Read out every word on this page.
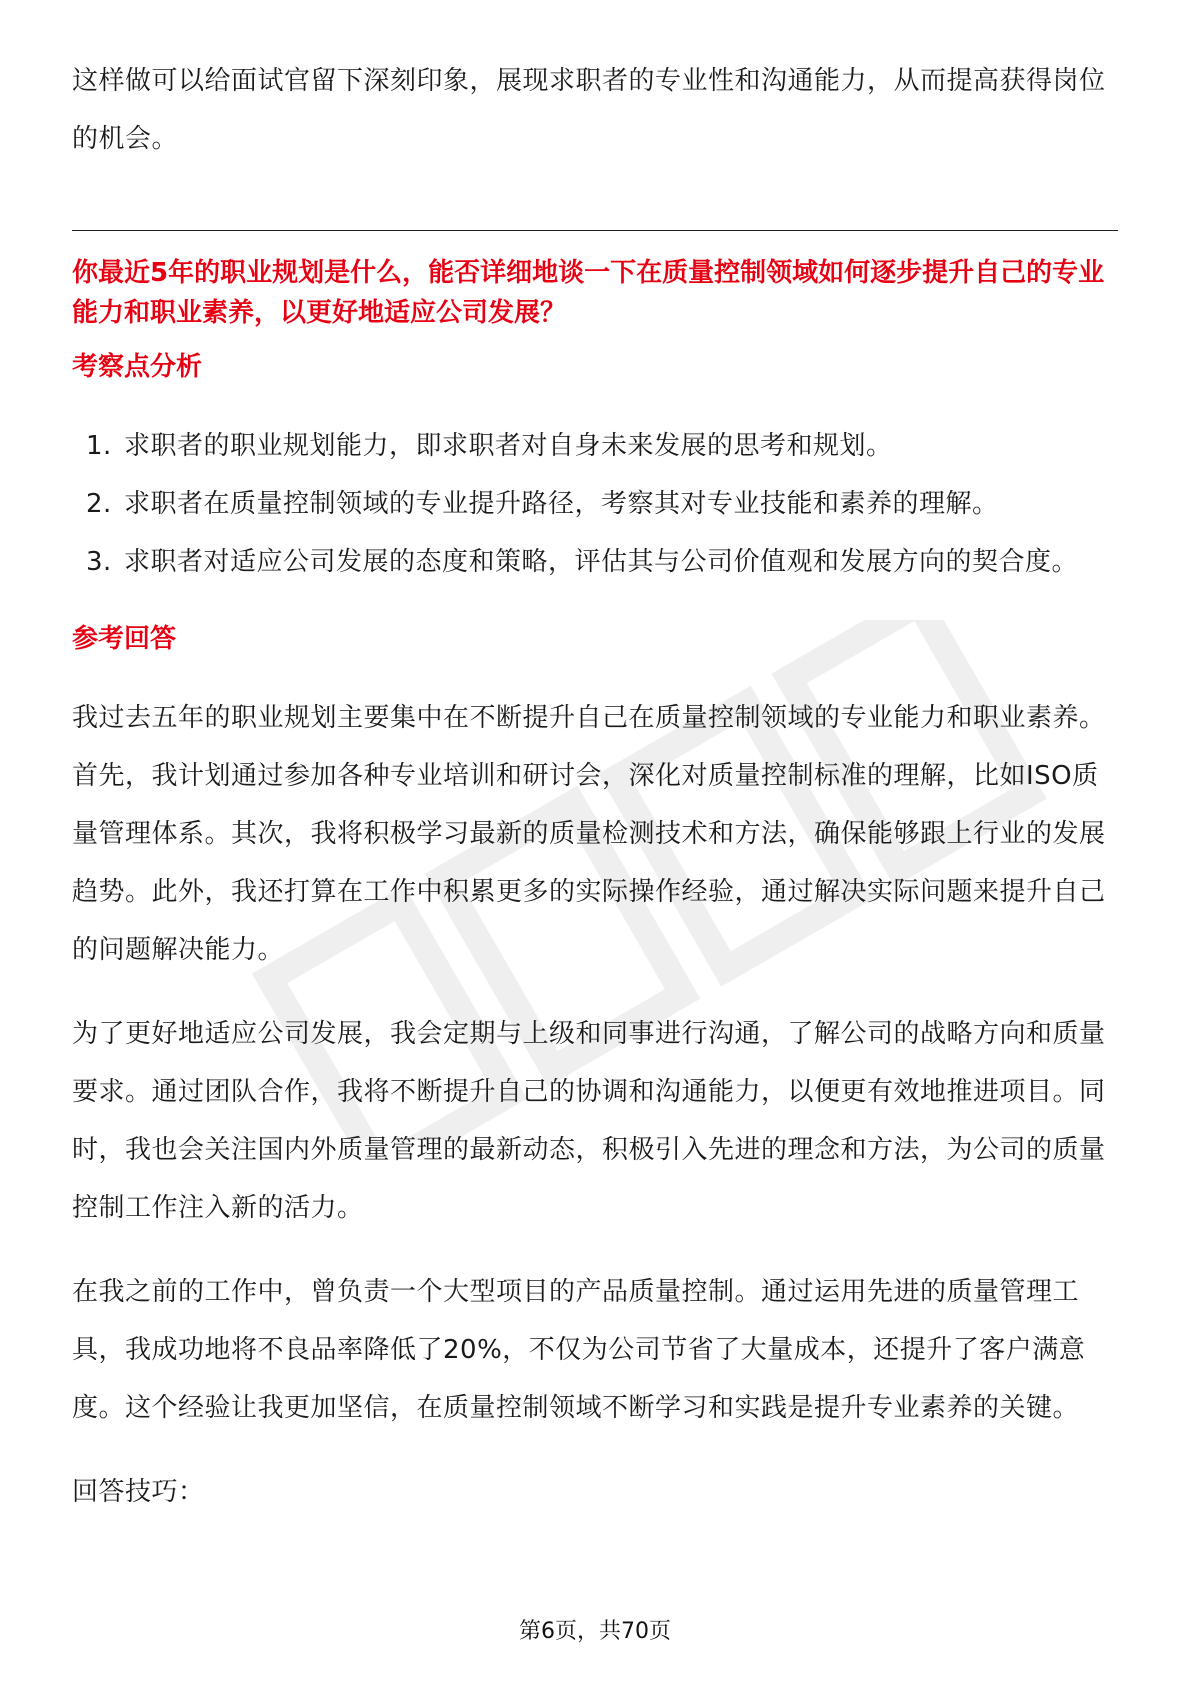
这样做可以给面试官留下深刻印象，展现求职者的专业性和沟通能力，从而提高获得岗位的机会。

你最近5年的职业规划是什么，能否详细地谈一下在质量控制领域如何逐步提升自己的专业能力和职业素养，以更好地适应公司发展？
考察点分析
1. 求职者的职业规划能力，即求职者对自身未来发展的思考和规划。
2. 求职者在质量控制领域的专业提升路径，考察其对专业技能和素养的理解。
3. 求职者对适应公司发展的态度和策略，评估其与公司价值观和发展方向的契合度。
参考回答

我过去五年的职业规划主要集中在不断提升自己在质量控制领域的专业能力和职业素养。首先，我计划通过参加各种专业培训和研讨会，深化对质量控制标准的理解，比如ISO质量管理体系。其次，我将积极学习最新的质量检测技术和方法，确保能够跟上行业的发展趋势。此外，我还打算在工作中积累更多的实际操作经验，通过解决实际问题来提升自己的问题解决能力。

为了更好地适应公司发展，我会定期与上级和同事进行沟通，了解公司的战略方向和质量要求。通过团队合作，我将不断提升自己的协调和沟通能力，以便更有效地推进项目。同时，我也会关注国内外质量管理的最新动态，积极引入先进的理念和方法，为公司的质量控制工作注入新的活力。

在我之前的工作中，曾负责一个大型项目的产品质量控制。通过运用先进的质量管理工具，我成功地将不良品率降低了20%，不仅为公司节省了大量成本，还提升了客户满意度。这个经验让我更加坚信，在质量控制领域不断学习和实践是提升专业素养的关键。

回答技巧：

第6页，共70页
